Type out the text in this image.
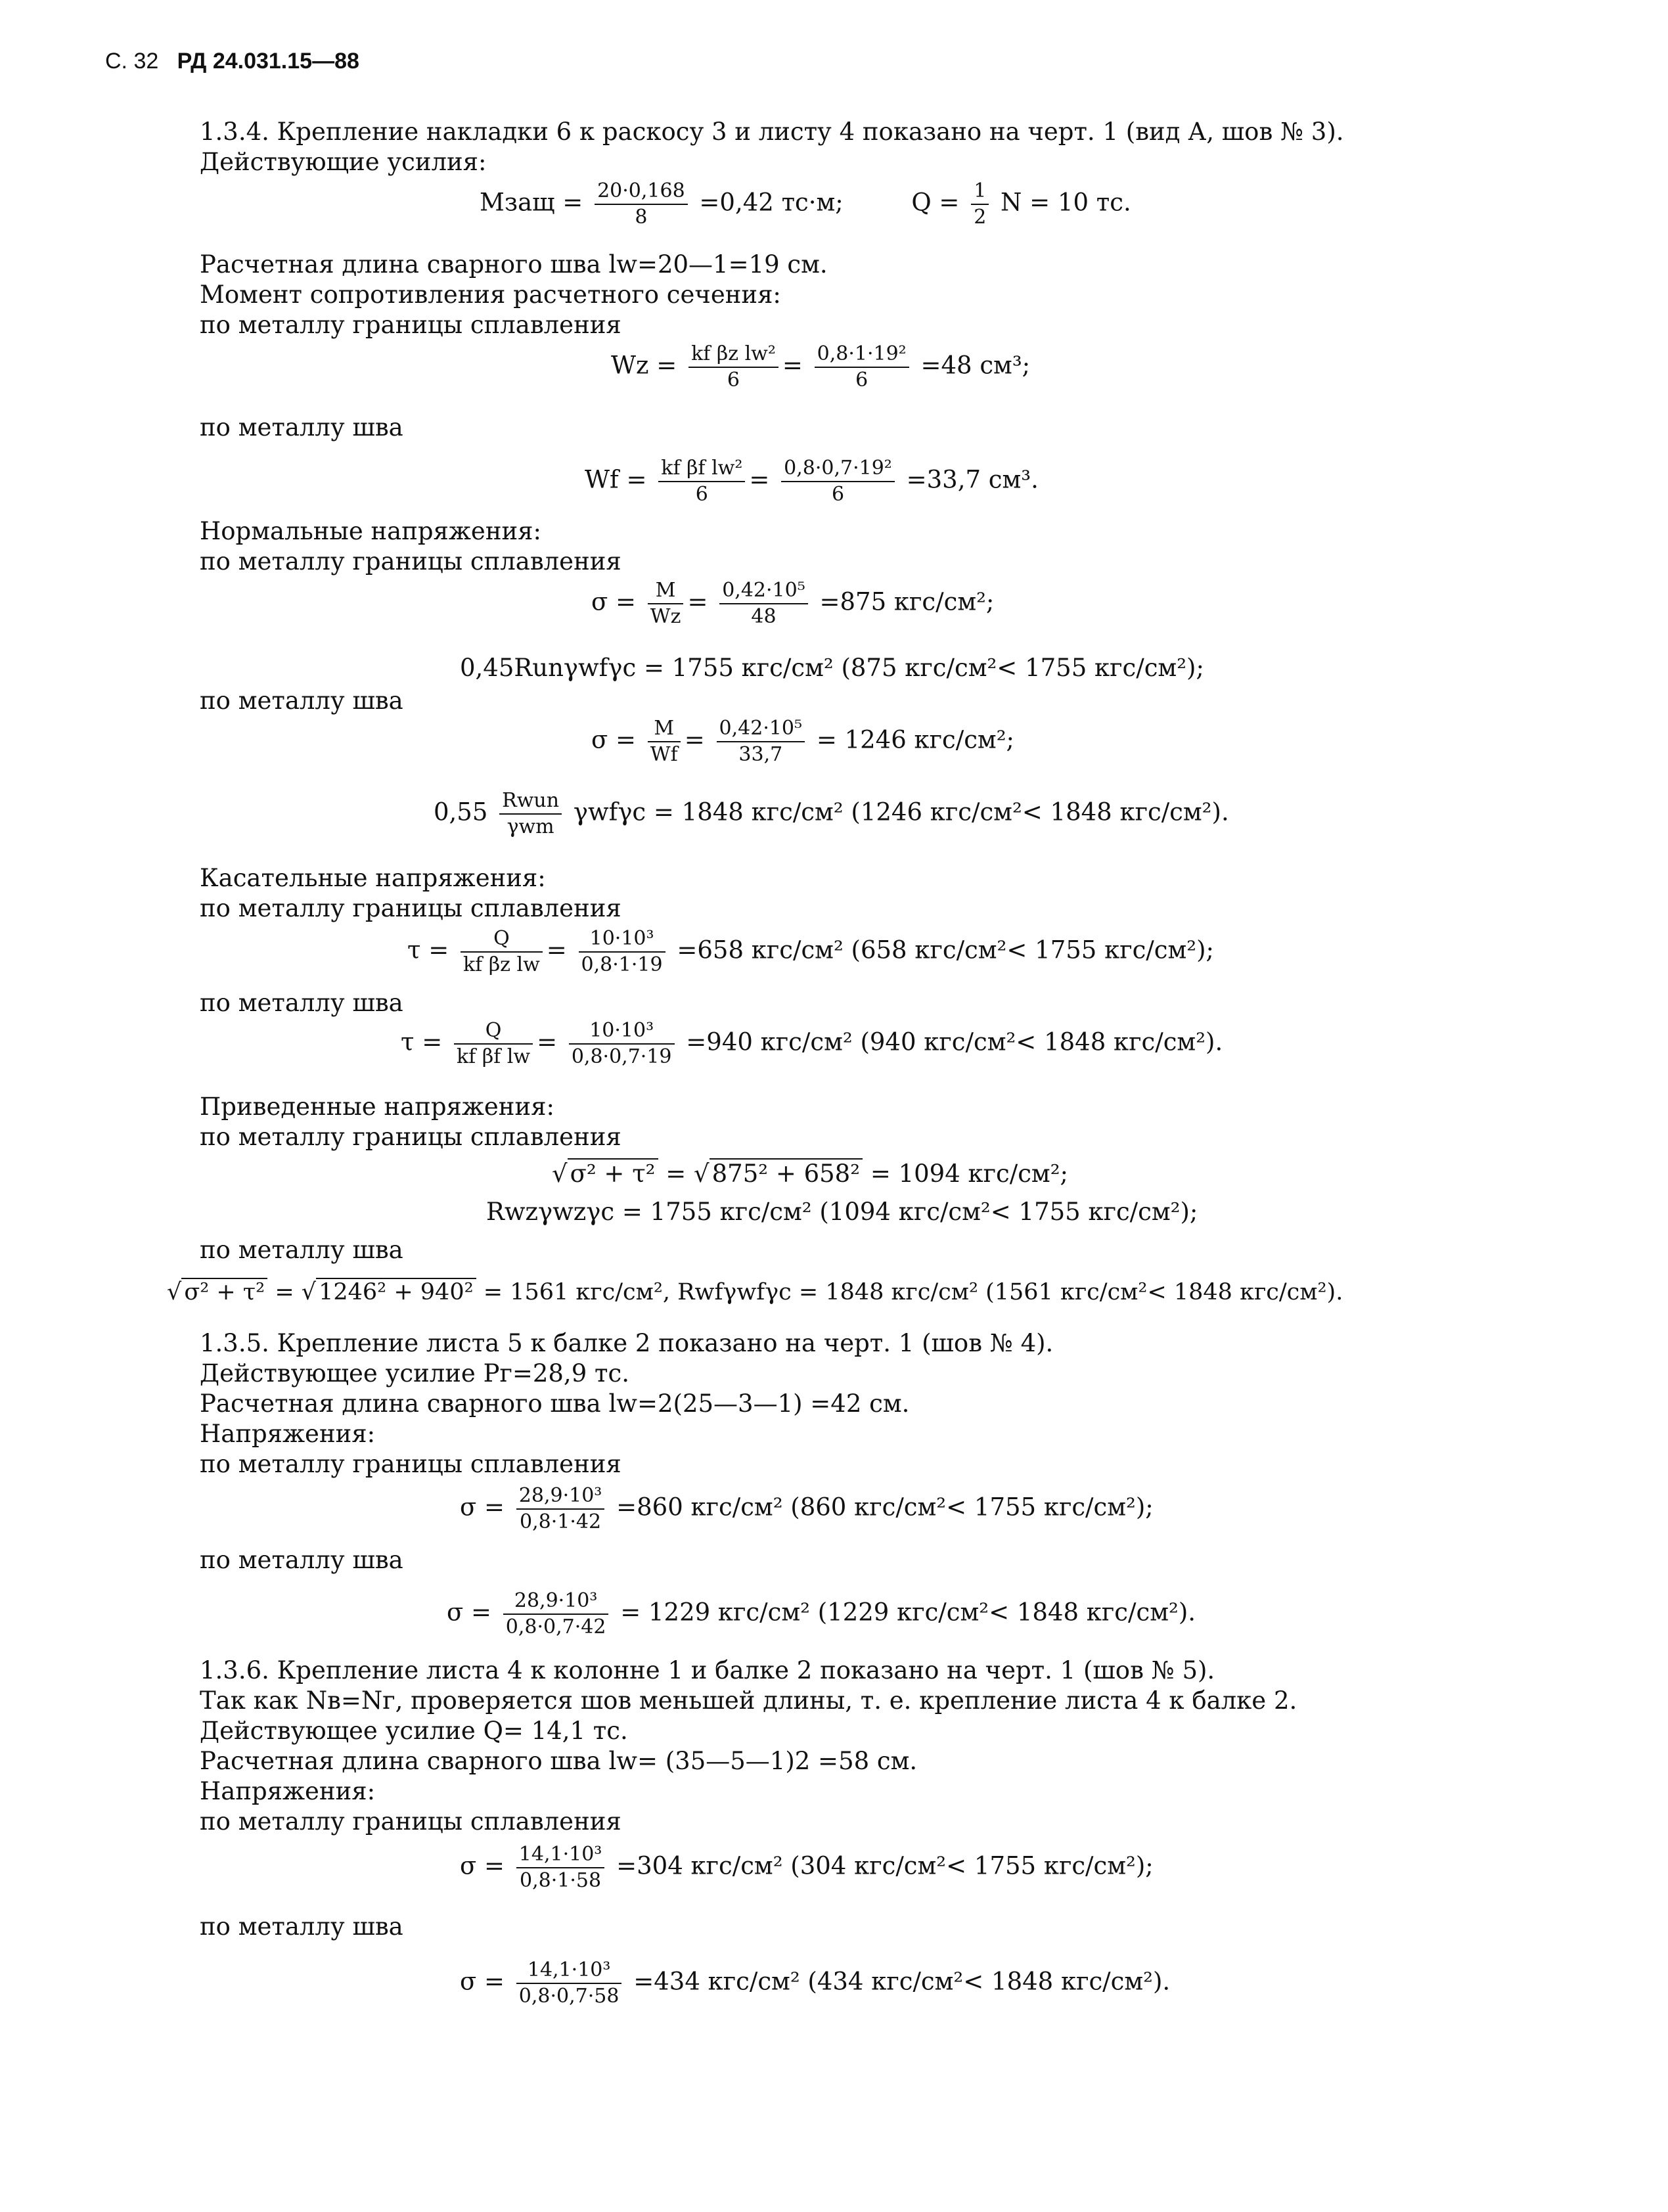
С. 32 РД 24.031.15—88
1.3.4. Крепление накладки 6 к раскосу 3 и листу 4 показано на черт. 1 (вид А, шов № 3).
Действующие усилия:
Mзащ = $\frac{20\cdot 0,168}{8} =0,42$ тс·м;	$Q = \frac{1}{2}$ N = 10 тс.
Расчетная длина сварного шва lw=20—1=19 см.
Момент сопротивления расчетного сечения:
по металлу границы сплавления
$Wz = \frac{\text{kf βz lw²}}{6} = \frac{\text{0,8·1·19²}}{6} =48$ см³;
по металлу шва
$Wf = \frac{\text{kf βf lw²}}{6} = \frac{\text{0,8·0,7·19²}}{6} =33,7$ см³.
Нормальные напряжения:
по металлу границы сплавления
$\sigma = \frac{M}{Wz} = \frac{\text{0,42·10⁵}}{48} =875$ кгс/см²;
0,45Runγwfγc = 1755 кгс/см² (875 кгс/см²< 1755 кгс/см²);
по металлу шва
$\sigma = \frac{M}{Wf} = \frac{\text{0,42·10⁵}}{33,7} = 1246$ кгс/см²;
0,55 Rwun
γwm
γwfγc = 1848 кгс/см² (1246 кгс/см²< 1848 кгс/см²).
Касательные напряжения:
по металлу границы сплавления
$\tau = \frac{Q}{\text{kf βz lw}} = \frac{\text{10·10³}}{0,8\cdot 1\cdot 19} =658$ кгс/см² (658 кгс/см²< 1755 кгс/см²);
по металлу шва
$\tau = \frac{Q}{\text{kf βf lw}} = \frac{\text{10·10³}}{0,8\cdot 0,7\cdot 19} =940$ кгс/см² (940 кгс/см²< 1848 кгс/см²).
Приведенные напряжения:
по металлу границы сплавления
√ σ² + τ² = √ 875² + 658² = 1094 кгс/см²;
Rwzγwzγc = 1755 кгс/см² (1094 кгс/см²< 1755 кгс/см²);
по металлу шва
√ σ² + τ² = √ 1246² + 940² = 1561 кгс/см², Rwfγwfγc = 1848 кгс/см² (1561 кгс/см²< 1848 кгс/см²).
1.3.5. Крепление листа 5 к балке 2 показано на черт. 1 (шов № 4).
Действующее усилие Pг=28,9 тс.
Расчетная длина сварного шва lw=2(25—3—1) =42 см.
Напряжения:
по металлу границы сплавления
$\sigma = \frac{\text{28,9·10³}}{0,8\cdot 1\cdot 42} =860$ кгс/см² (860 кгс/см²< 1755 кгс/см²);
по металлу шва
$\sigma = \frac{\text{28,9·10³}}{0,8\cdot 0,7\cdot 42} = 1229$ кгс/см² (1229 кгс/см²< 1848 кгс/см²).
1.3.6. Крепление листа 4 к колонне 1 и балке 2 показано на черт. 1 (шов № 5).
Так как Nв=Nг, проверяется шов меньшей длины, т. е. крепление листа 4 к балке 2.
Действующее усилие Q= 14,1 тс.
Расчетная длина сварного шва lw= (35—5—1)2 =58 см.
Напряжения:
по металлу границы сплавления
$\sigma = \frac{\text{14,1·10³}}{0,8\cdot 1\cdot 58} =304$ кгс/см² (304 кгс/см²< 1755 кгс/см²);
по металлу шва
$\sigma = \frac{\text{14,1·10³}}{0,8\cdot 0,7\cdot 58} =434$ кгс/см² (434 кгс/см²< 1848 кгс/см²).
